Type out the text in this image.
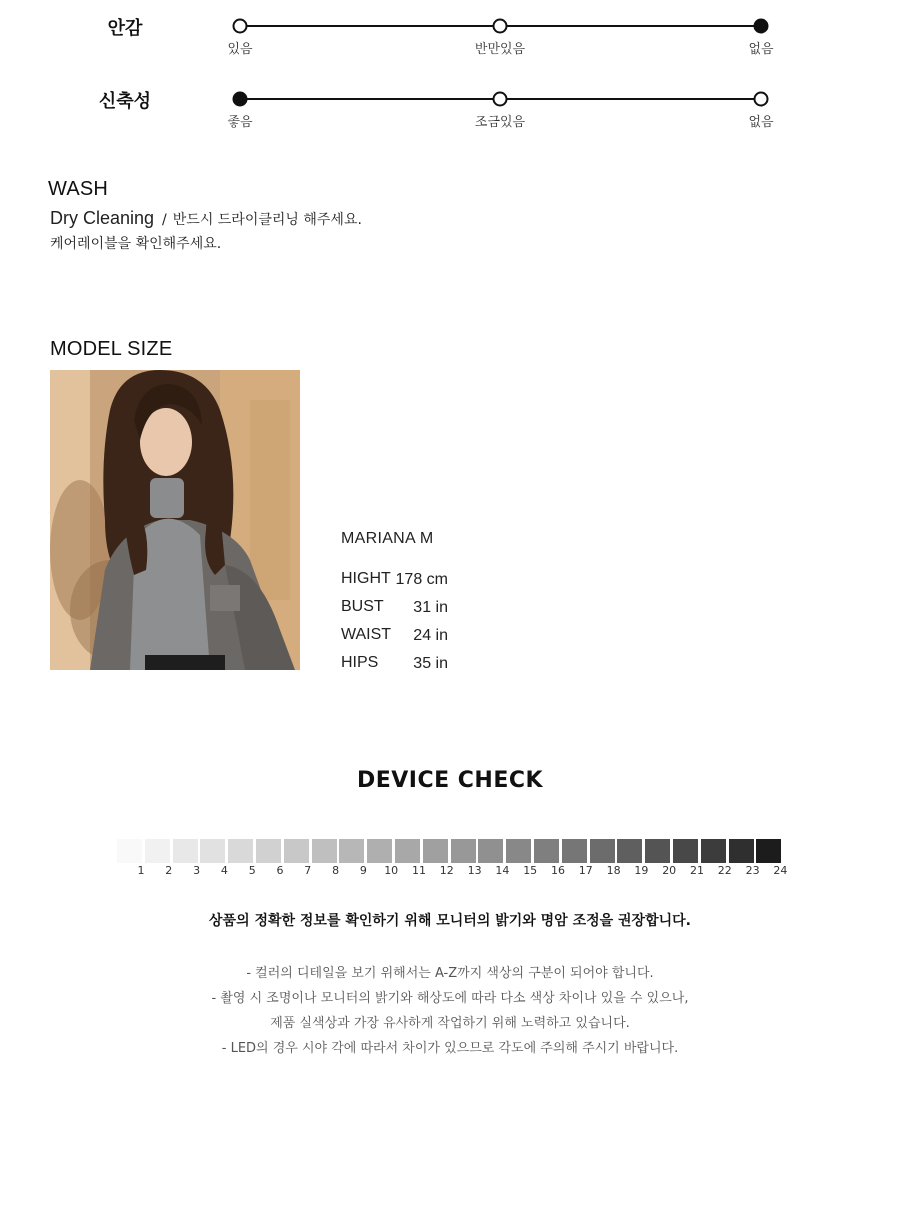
안감
있음	반만있음	없음
신축성
좋음	조금있음	없음
WASH
Dry Cleaning / 반드시 드라이클리닝 해주세요.
케어레이블을 확인해주세요.
MODEL SIZE
MARIANA M
HIGHT 178 cm
BUST 31 in
WAIST 24 in
HIPS 35 in
DEVICE CHECK
1 2 3 4 5 6 7 8 9 10 11 12 13 14 15 16 17 18 19 20 21 22 23 24
상품의 정확한 정보를 확인하기 위해 모니터의 밝기와 명암 조정을 권장합니다.
- 컬러의 디테일을 보기 위해서는 A-Z까지 색상의 구분이 되어야 합니다.
- 촬영 시 조명이나 모니터의 밝기와 해상도에 따라 다소 색상 차이나 있을 수 있으나,
제품 실색상과 가장 유사하게 작업하기 위해 노력하고 있습니다.
- LED의 경우 시야 각에 따라서 차이가 있으므로 각도에 주의해 주시기 바랍니다.
